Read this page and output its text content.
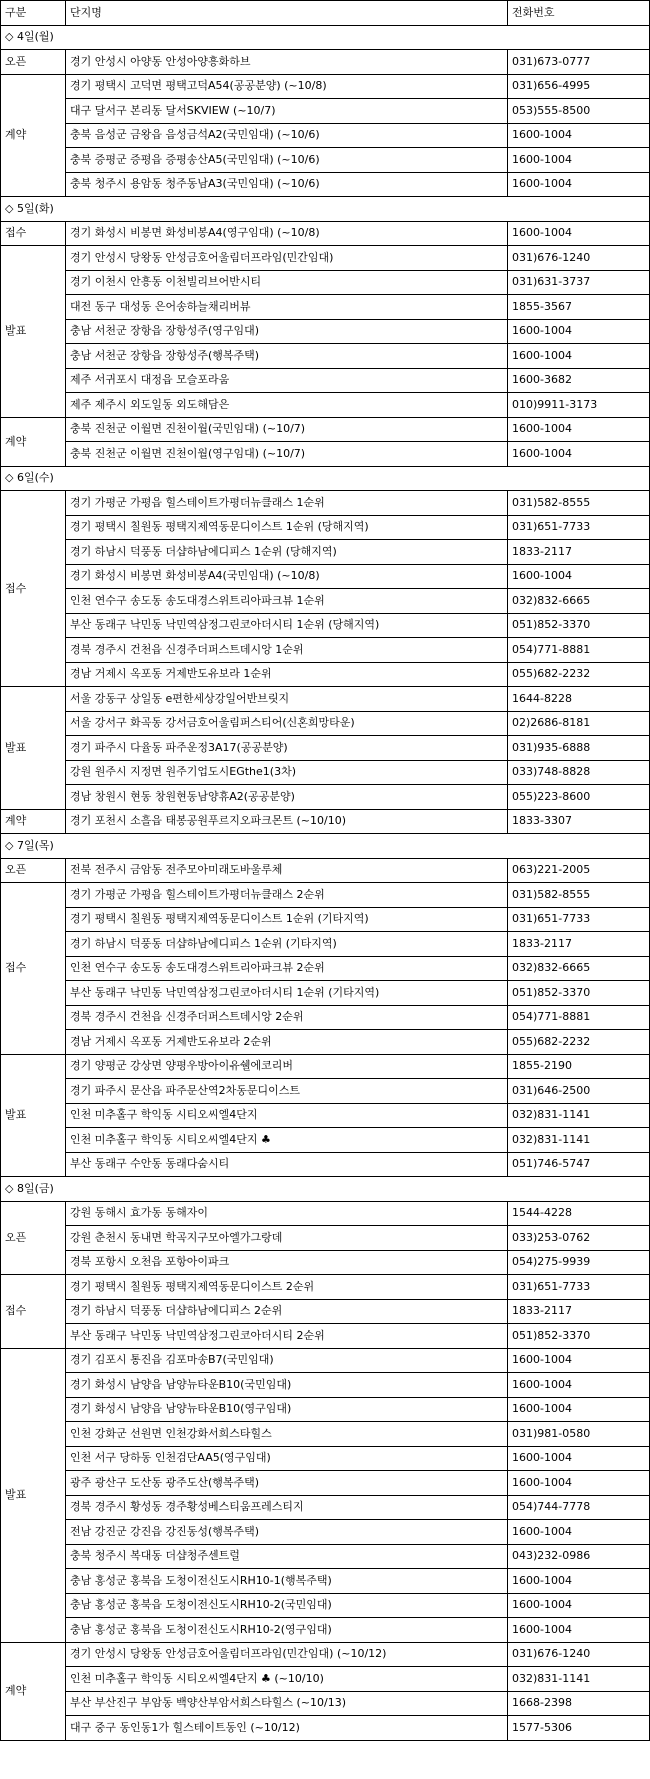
구분	단지명	전화번호
◇ 4일(월)		
오픈	경기 안성시 아양동 안성아양흥화하브	031)673-0777
계약	경기 평택시 고덕면 평택고덕A54(공공분양) (~10/8)	031)656-4995
	대구 달서구 본리동 달서SKVIEW (~10/7)	053)555-8500
	충북 음성군 금왕읍 음성금석A2(국민임대) (~10/6)	1600-1004
	충북 증평군 증평읍 증평송산A5(국민임대) (~10/6)	1600-1004
	충북 청주시 용암동 청주동남A3(국민임대) (~10/6)	1600-1004
◇ 5일(화)		
접수	경기 화성시 비봉면 화성비봉A4(영구임대) (~10/8)	1600-1004
발표	경기 안성시 당왕동 안성금호어울림더프라임(민간임대)	031)676-1240
	경기 이천시 안흥동 이천빌리브어반시티	031)631-3737
	대전 동구 대성동 은어송하늘채리버뷰	1855-3567
	충남 서천군 장항읍 장항성주(영구임대)	1600-1004
	충남 서천군 장항읍 장항성주(행복주택)	1600-1004
	제주 서귀포시 대정읍 모슬포라움	1600-3682
	제주 제주시 외도일동 외도해담은	010)9911-3173
계약	충북 진천군 이월면 진천이월(국민임대) (~10/7)	1600-1004
	충북 진천군 이월면 진천이월(영구임대) (~10/7)	1600-1004
◇ 6일(수)		
접수	경기 가평군 가평읍 힐스테이트가평더뉴클래스 1순위	031)582-8555
	경기 평택시 칠원동 평택지제역동문디이스트 1순위 (당해지역)	031)651-7733
	경기 하남시 덕풍동 더샵하남에디피스 1순위 (당해지역)	1833-2117
	경기 화성시 비봉면 화성비봉A4(국민임대) (~10/8)	1600-1004
	인천 연수구 송도동 송도대경스위트리아파크뷰 1순위	032)832-6665
	부산 동래구 낙민동 낙민역삼정그린코아더시티 1순위 (당해지역)	051)852-3370
	경북 경주시 건천읍 신경주더퍼스트데시앙 1순위	054)771-8881
	경남 거제시 옥포동 거제반도유보라 1순위	055)682-2232
발표	서울 강동구 상일동 e편한세상강일어반브릿지	1644-8228
	서울 강서구 화곡동 강서금호어울림퍼스티어(신혼희망타운)	02)2686-8181
	경기 파주시 다율동 파주운정3A17(공공분양)	031)935-6888
	강원 원주시 지정면 원주기업도시EGthe1(3차)	033)748-8828
	경남 창원시 현동 창원현동남양휴A2(공공분양)	055)223-8600
계약	경기 포천시 소흘읍 태봉공원푸르지오파크몬트 (~10/10)	1833-3307
◇ 7일(목)		
오픈	전북 전주시 금암동 전주모아미래도바울루체	063)221-2005
접수	경기 가평군 가평읍 힐스테이트가평더뉴클래스 2순위	031)582-8555
	경기 평택시 칠원동 평택지제역동문디이스트 1순위 (기타지역)	031)651-7733
	경기 하남시 덕풍동 더샵하남에디피스 1순위 (기타지역)	1833-2117
	인천 연수구 송도동 송도대경스위트리아파크뷰 2순위	032)832-6665
	부산 동래구 낙민동 낙민역삼정그린코아더시티 1순위 (기타지역)	051)852-3370
	경북 경주시 건천읍 신경주더퍼스트데시앙 2순위	054)771-8881
	경남 거제시 옥포동 거제반도유보라 2순위	055)682-2232
발표	경기 양평군 강상면 양평우방아이유쉘에코리버	1855-2190
	경기 파주시 문산읍 파주문산역2차동문디이스트	031)646-2500
	인천 미추홀구 학익동 시티오씨엘4단지	032)831-1141
	인천 미추홀구 학익동 시티오씨엘4단지 ♣	032)831-1141
	부산 동래구 수안동 동래다숨시티	051)746-5747
◇ 8일(금)		
오픈	강원 동해시 효가동 동해자이	1544-4228
	강원 춘천시 동내면 학곡지구모아엘가그랑데	033)253-0762
	경북 포항시 오천읍 포항아이파크	054)275-9939
접수	경기 평택시 칠원동 평택지제역동문디이스트 2순위	031)651-7733
	경기 하남시 덕풍동 더샵하남에디피스 2순위	1833-2117
	부산 동래구 낙민동 낙민역삼정그린코아더시티 2순위	051)852-3370
발표	경기 김포시 통진읍 김포마송B7(국민임대)	1600-1004
	경기 화성시 남양읍 남양뉴타운B10(국민임대)	1600-1004
	경기 화성시 남양읍 남양뉴타운B10(영구임대)	1600-1004
	인천 강화군 선원면 인천강화서희스타힐스	031)981-0580
	인천 서구 당하동 인천검단AA5(영구임대)	1600-1004
	광주 광산구 도산동 광주도산(행복주택)	1600-1004
	경북 경주시 황성동 경주황성베스티움프레스티지	054)744-7778
	전남 강진군 강진읍 강진동성(행복주택)	1600-1004
	충북 청주시 복대동 더샵청주센트럴	043)232-0986
	충남 홍성군 홍북읍 도청이전신도시RH10-1(행복주택)	1600-1004
	충남 홍성군 홍북읍 도청이전신도시RH10-2(국민임대)	1600-1004
	충남 홍성군 홍북읍 도청이전신도시RH10-2(영구임대)	1600-1004
계약	경기 안성시 당왕동 안성금호어울림더프라임(민간임대) (~10/12)	031)676-1240
	인천 미추홀구 학익동 시티오씨엘4단지 ♣ (~10/10)	032)831-1141
	부산 부산진구 부암동 백양산부암서희스타힐스 (~10/13)	1668-2398
	대구 중구 동인동1가 힐스테이트동인 (~10/12)	1577-5306
